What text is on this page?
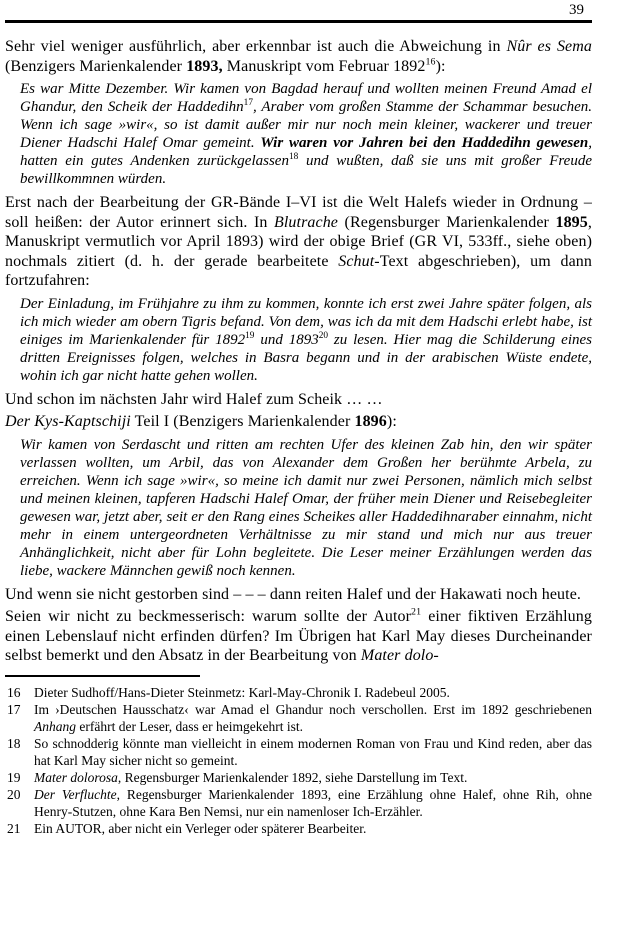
39

Sehr viel weniger ausführlich, aber erkennbar ist auch die Abweichung in Nûr es Sema (Benzigers Marienkalender 1893, Manuskript vom Februar 1892$^{16}$):

Es war Mitte Dezember. Wir kamen von Bagdad herauf und wollten meinen Freund Amad el Ghandur, den Scheik der Haddedihn$^{17}$, Araber vom großen Stamme der Schammar besuchen. Wenn ich sage »wir«, so ist damit außer mir nur noch mein kleiner, wackerer und treuer Diener Hadschi Halef Omar gemeint. Wir waren vor Jahren bei den Haddedihn gewesen, hatten ein gutes Andenken zurückgelassen$^{18}$ und wußten, daß sie uns mit großer Freude bewillkommnen würden.

Erst nach der Bearbeitung der GR-Bände I–VI ist die Welt Halefs wieder in Ordnung – soll heißen: der Autor erinnert sich. In Blutrache (Regensburger Marienkalender 1895, Manuskript vermutlich vor April 1893) wird der obige Brief (GR VI, 533ff., siehe oben) nochmals zitiert (d. h. der gerade bearbeitete Schut-Text abgeschrieben), um dann fortzufahren:

Der Einladung, im Frühjahre zu ihm zu kommen, konnte ich erst zwei Jahre später folgen, als ich mich wieder am obern Tigris befand. Von dem, was ich da mit dem Hadschi erlebt habe, ist einiges im Marienkalender für 1892$^{19}$ und 1893$^{20}$ zu lesen. Hier mag die Schilderung eines dritten Ereignisses folgen, welches in Basra begann und in der arabischen Wüste endete, wohin ich gar nicht hatte gehen wollen.

Und schon im nächsten Jahr wird Halef zum Scheik … …

Der Kys-Kaptschiji Teil I (Benzigers Marienkalender 1896):

Wir kamen von Serdascht und ritten am rechten Ufer des kleinen Zab hin, den wir später verlassen wollten, um Arbil, das von Alexander dem Großen her berühmte Arbela, zu erreichen. Wenn ich sage »wir«, so meine ich damit nur zwei Personen, nämlich mich selbst und meinen kleinen, tapferen Hadschi Halef Omar, der früher mein Diener und Reisebegleiter gewesen war, jetzt aber, seit er den Rang eines Scheikes aller Haddedihnaraber einnahm, nicht mehr in einem untergeordneten Verhältnisse zu mir stand und mich nur aus treuer Anhänglichkeit, nicht aber für Lohn begleitete. Die Leser meiner Erzählungen werden das liebe, wackere Männchen gewiß noch kennen.

Und wenn sie nicht gestorben sind – – – dann reiten Halef und der Hakawati noch heute.

Seien wir nicht zu beckmesserisch: warum sollte der Autor$^{21}$ einer fiktiven Erzählung einen Lebenslauf nicht erfinden dürfen? Im Übrigen hat Karl May dieses Durcheinander selbst bemerkt und den Absatz in der Bearbeitung von Mater dolo-

16	Dieter Sudhoff/Hans-Dieter Steinmetz: Karl-May-Chronik I. Radebeul 2005.
17	Im ›Deutschen Hausschatz‹ war Amad el Ghandur noch verschollen. Erst im 1892 geschriebenen Anhang erfährt der Leser, dass er heimgekehrt ist.
18	So schnodderig könnte man vielleicht in einem modernen Roman von Frau und Kind reden, aber das hat Karl May sicher nicht so gemeint.
19	Mater dolorosa, Regensburger Marienkalender 1892, siehe Darstellung im Text.
20	Der Verfluchte, Regensburger Marienkalender 1893, eine Erzählung ohne Halef, ohne Rih, ohne Henry-Stutzen, ohne Kara Ben Nemsi, nur ein namenloser Ich-Erzähler.
21	Ein AUTOR, aber nicht ein Verleger oder späterer Bearbeiter.
